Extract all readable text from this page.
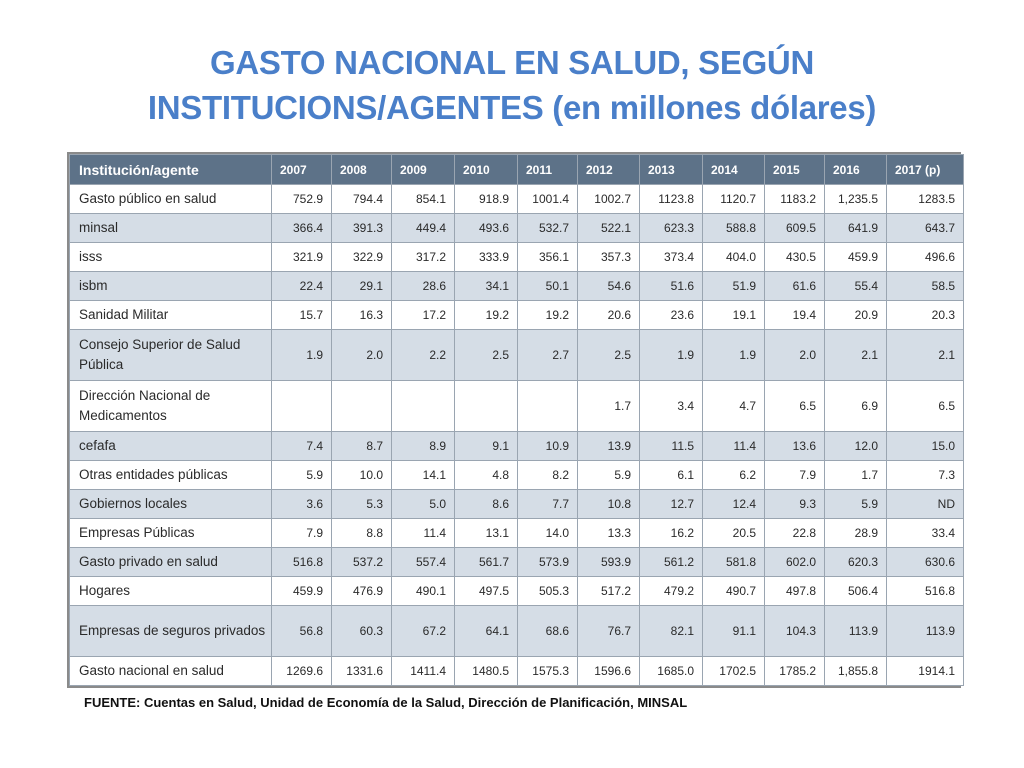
GASTO NACIONAL EN SALUD, SEGÚN
INSTITUCIONS/AGENTES (en millones dólares)
Institución/agente	2007	2008	2009	2010	2011	2012	2013	2014	2015	2016	2017 (p)
Gasto público en salud	752.9	794.4	854.1	918.9	1001.4	1002.7	1123.8	1120.7	1183.2	1,235.5	1283.5
minsal	366.4	391.3	449.4	493.6	532.7	522.1	623.3	588.8	609.5	641.9	643.7
isss	321.9	322.9	317.2	333.9	356.1	357.3	373.4	404.0	430.5	459.9	496.6
isbm	22.4	29.1	28.6	34.1	50.1	54.6	51.6	51.9	61.6	55.4	58.5
Sanidad Militar	15.7	16.3	17.2	19.2	19.2	20.6	23.6	19.1	19.4	20.9	20.3
Consejo Superior de Salud Pública	1.9	2.0	2.2	2.5	2.7	2.5	1.9	1.9	2.0	2.1	2.1
Dirección Nacional de Medicamentos						1.7	3.4	4.7	6.5	6.9	6.5
cefafa	7.4	8.7	8.9	9.1	10.9	13.9	11.5	11.4	13.6	12.0	15.0
Otras entidades públicas	5.9	10.0	14.1	4.8	8.2	5.9	6.1	6.2	7.9	1.7	7.3
Gobiernos locales	3.6	5.3	5.0	8.6	7.7	10.8	12.7	12.4	9.3	5.9	ND
Empresas Públicas	7.9	8.8	11.4	13.1	14.0	13.3	16.2	20.5	22.8	28.9	33.4
Gasto privado en salud	516.8	537.2	557.4	561.7	573.9	593.9	561.2	581.8	602.0	620.3	630.6
Hogares	459.9	476.9	490.1	497.5	505.3	517.2	479.2	490.7	497.8	506.4	516.8
Empresas de seguros privados	56.8	60.3	67.2	64.1	68.6	76.7	82.1	91.1	104.3	113.9	113.9
Gasto nacional en salud	1269.6	1331.6	1411.4	1480.5	1575.3	1596.6	1685.0	1702.5	1785.2	1,855.8	1914.1
FUENTE: Cuentas en Salud, Unidad de Economía de la Salud, Dirección de Planificación, MINSAL
